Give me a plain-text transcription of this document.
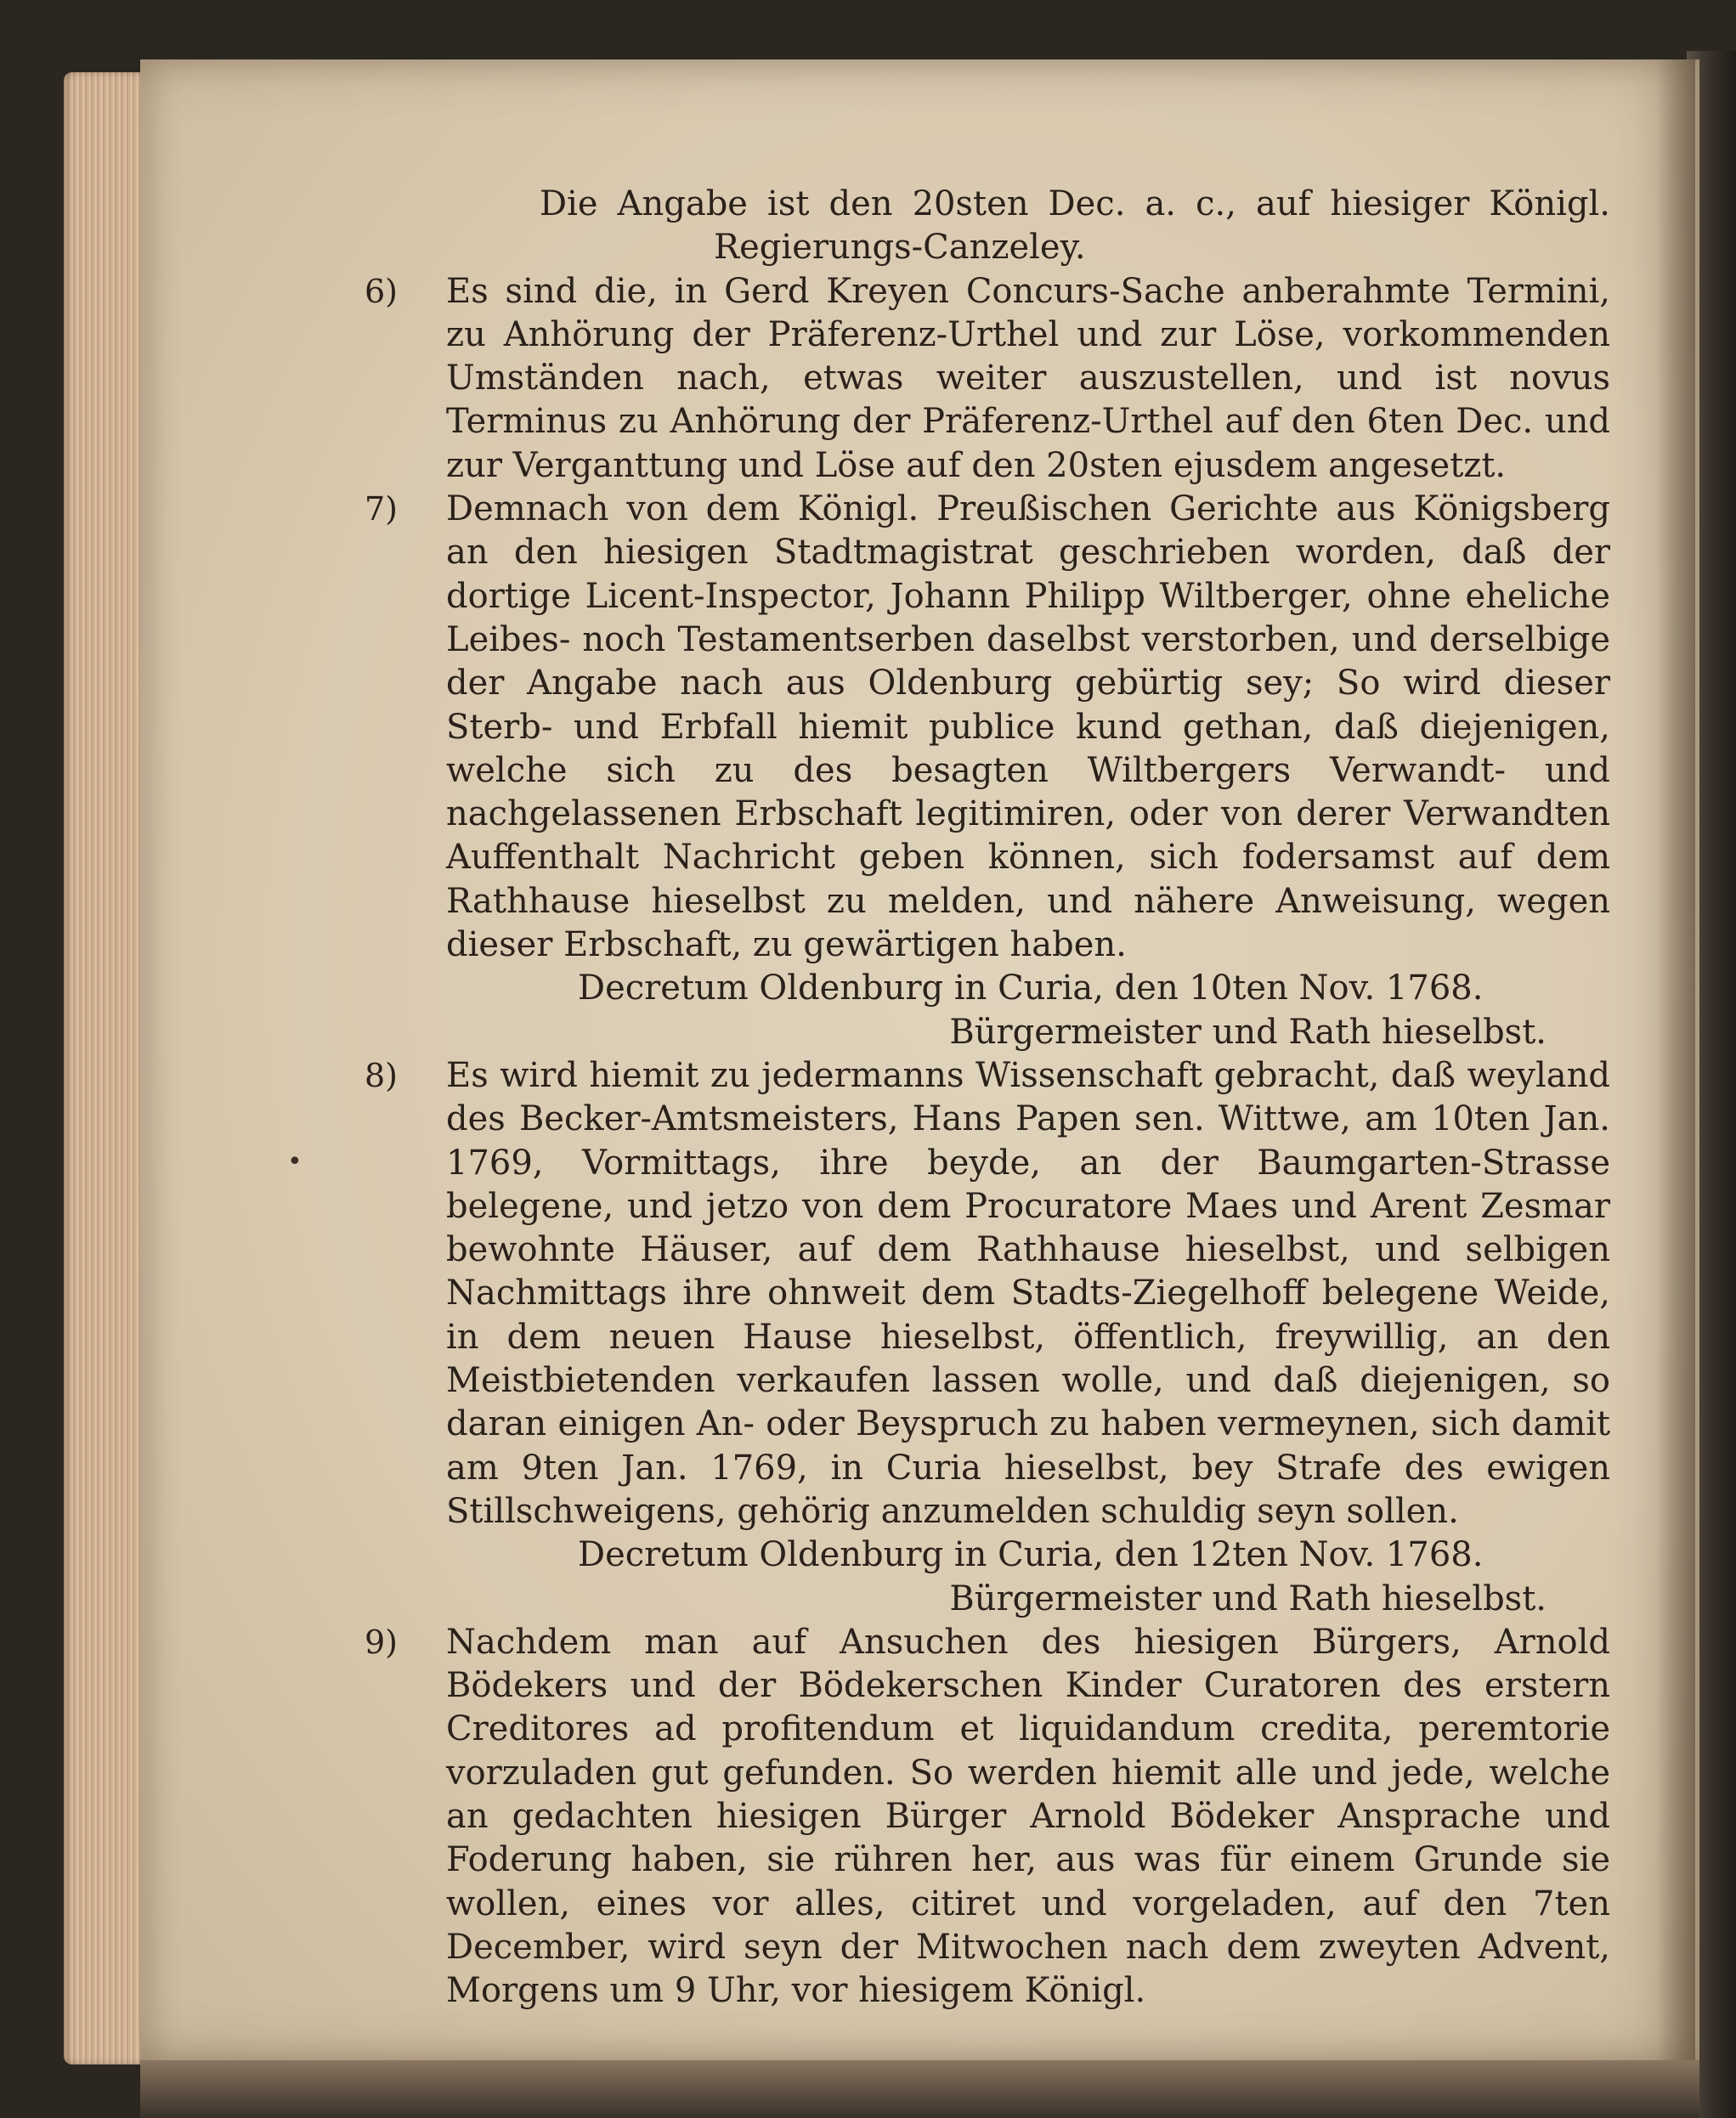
•

Die Angabe ist den 20sten Dec. a. c., auf hiesiger Königl. Regierungs-Canzeley.

6) Es sind die, in Gerd Kreyen Concurs-Sache anberahmte Termini, zu Anhörung der Präferenz-Urthel und zur Löse, vorkommenden Umständen nach, etwas weiter auszustellen, und ist novus Terminus zu Anhörung der Präferenz-Urthel auf den 6ten Dec. und zur Verganttung und Löse auf den 20sten ejusdem angesetzt.

7) Demnach von dem Königl. Preußischen Gerichte aus Königsberg an den hiesigen Stadtmagistrat geschrieben worden, daß der dortige Licent-Inspector, Johann Philipp Wiltberger, ohne eheliche Leibes- noch Testamentserben daselbst verstorben, und derselbige der Angabe nach aus Oldenburg gebürtig sey; So wird dieser Sterb- und Erbfall hiemit publice kund gethan, daß diejenigen, welche sich zu des besagten Wiltbergers Verwandt- und nachgelassenen Erbschaft legitimiren, oder von derer Verwandten Auffenthalt Nachricht geben können, sich fodersamst auf dem Rathhause hieselbst zu melden, und nähere Anweisung, wegen dieser Erbschaft, zu gewärtigen haben.

Decretum Oldenburg in Curia, den 10ten Nov. 1768.

Bürgermeister und Rath hieselbst.

8) Es wird hiemit zu jedermanns Wissenschaft gebracht, daß weyland des Becker-Amtsmeisters, Hans Papen sen. Wittwe, am 10ten Jan. 1769, Vormittags, ihre beyde, an der Baumgarten-Strasse belegene, und jetzo von dem Procuratore Maes und Arent Zesmar bewohnte Häuser, auf dem Rathhause hieselbst, und selbigen Nachmittags ihre ohnweit dem Stadts-Ziegelhoff belegene Weide, in dem neuen Hause hieselbst, öffentlich, freywillig, an den Meistbietenden verkaufen lassen wolle, und daß diejenigen, so daran einigen An- oder Beyspruch zu haben vermeynen, sich damit am 9ten Jan. 1769, in Curia hieselbst, bey Strafe des ewigen Stillschweigens, gehörig anzumelden schuldig seyn sollen.

Decretum Oldenburg in Curia, den 12ten Nov. 1768.

Bürgermeister und Rath hieselbst.

9) Nachdem man auf Ansuchen des hiesigen Bürgers, Arnold Bödekers und der Bödekerschen Kinder Curatoren des erstern Creditores ad profitendum et liquidandum credita, peremtorie vorzuladen gut gefunden. So werden hiemit alle und jede, welche an gedachten hiesigen Bürger Arnold Bödeker Ansprache und Foderung haben, sie rühren her, aus was für einem Grunde sie wollen, eines vor alles, citiret und vorgeladen, auf den 7ten December, wird seyn der Mitwochen nach dem zweyten Advent, Morgens um 9 Uhr, vor hiesigem Königl.
